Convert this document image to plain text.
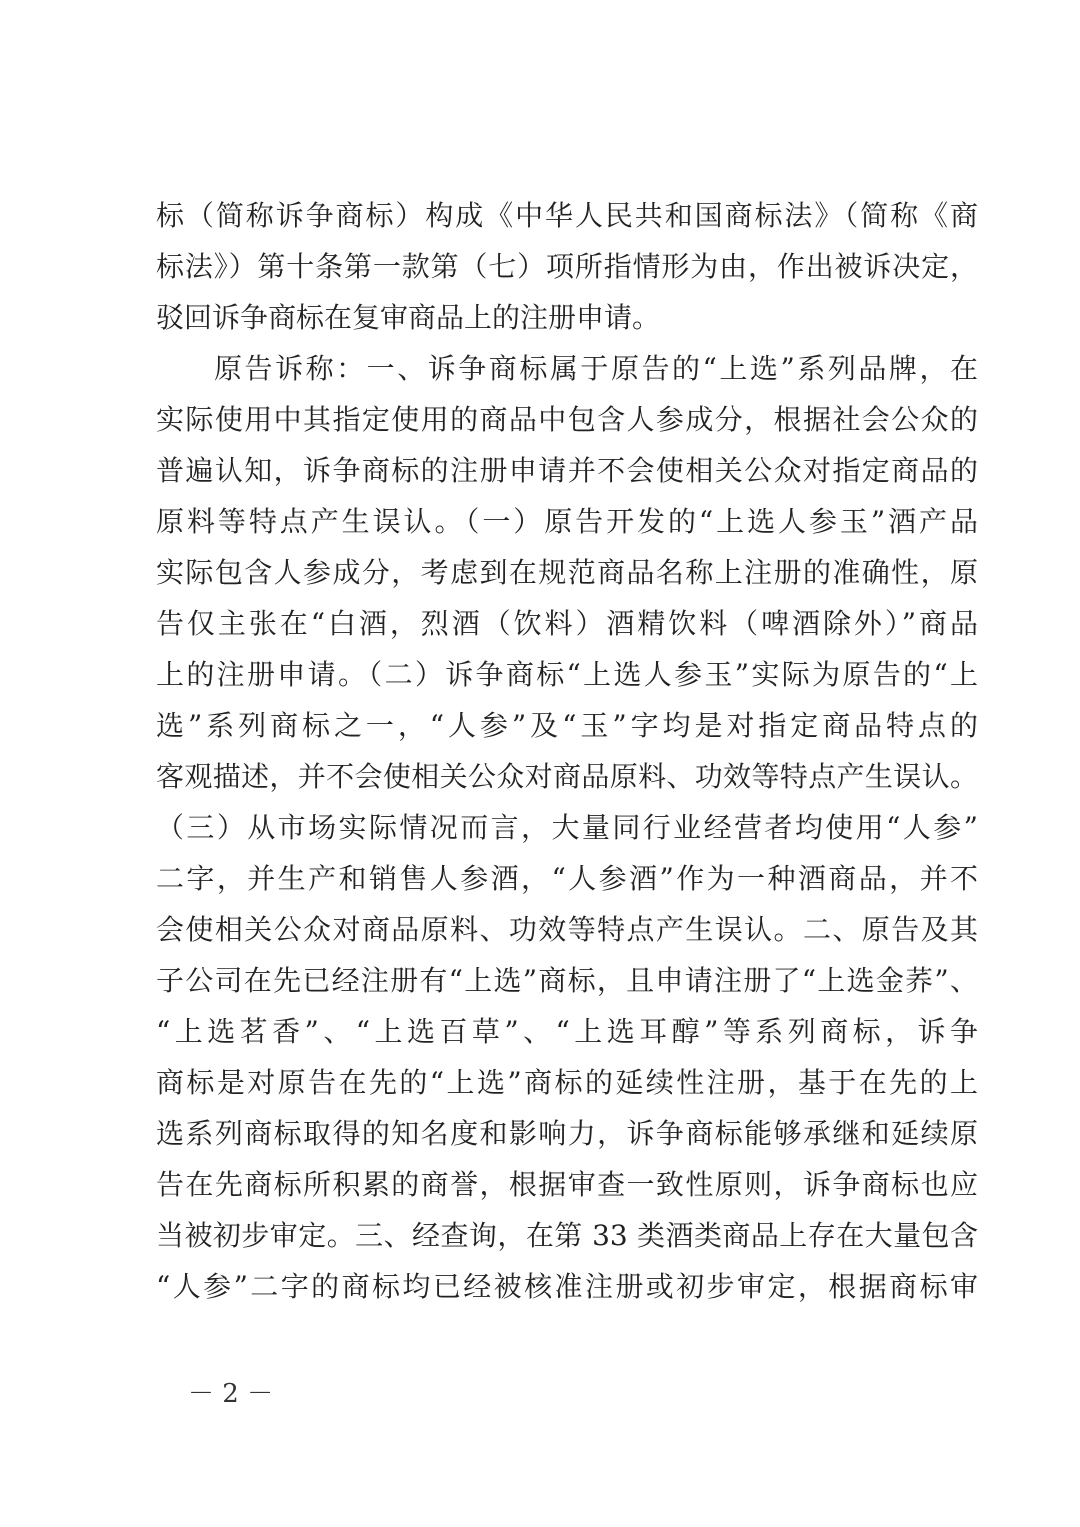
标（简称诉争商标）构成《中华人民共和国商标法》（简称《商
标法》）第十条第一款第（七）项所指情形为由，作出被诉决定，
驳回诉争商标在复审商品上的注册申请。
原告诉称：一、诉争商标属于原告的“上选”系列品牌，在
实际使用中其指定使用的商品中包含人参成分，根据社会公众的
普遍认知，诉争商标的注册申请并不会使相关公众对指定商品的
原料等特点产生误认。（一）原告开发的“上选人参玉”酒产品
实际包含人参成分，考虑到在规范商品名称上注册的准确性，原
告仅主张在“白酒，烈酒（饮料）酒精饮料（啤酒除外）”商品
上的注册申请。（二）诉争商标“上选人参玉”实际为原告的“上
选”系列商标之一，“人参”及“玉”字均是对指定商品特点的
客观描述，并不会使相关公众对商品原料、功效等特点产生误认。
（三）从市场实际情况而言，大量同行业经营者均使用“人参”
二字，并生产和销售人参酒，“人参酒”作为一种酒商品，并不
会使相关公众对商品原料、功效等特点产生误认。二、原告及其
子公司在先已经注册有“上选”商标，且申请注册了“上选金荞”、
“上选茗香”、“上选百草”、“上选耳醇”等系列商标，诉争
商标是对原告在先的“上选”商标的延续性注册，基于在先的上
选系列商标取得的知名度和影响力，诉争商标能够承继和延续原
告在先商标所积累的商誉，根据审查一致性原则，诉争商标也应
当被初步审定。三、经查询，在第 33 类酒类商品上存在大量包含
“人参”二字的商标均已经被核准注册或初步审定，根据商标审
－ 2 －
